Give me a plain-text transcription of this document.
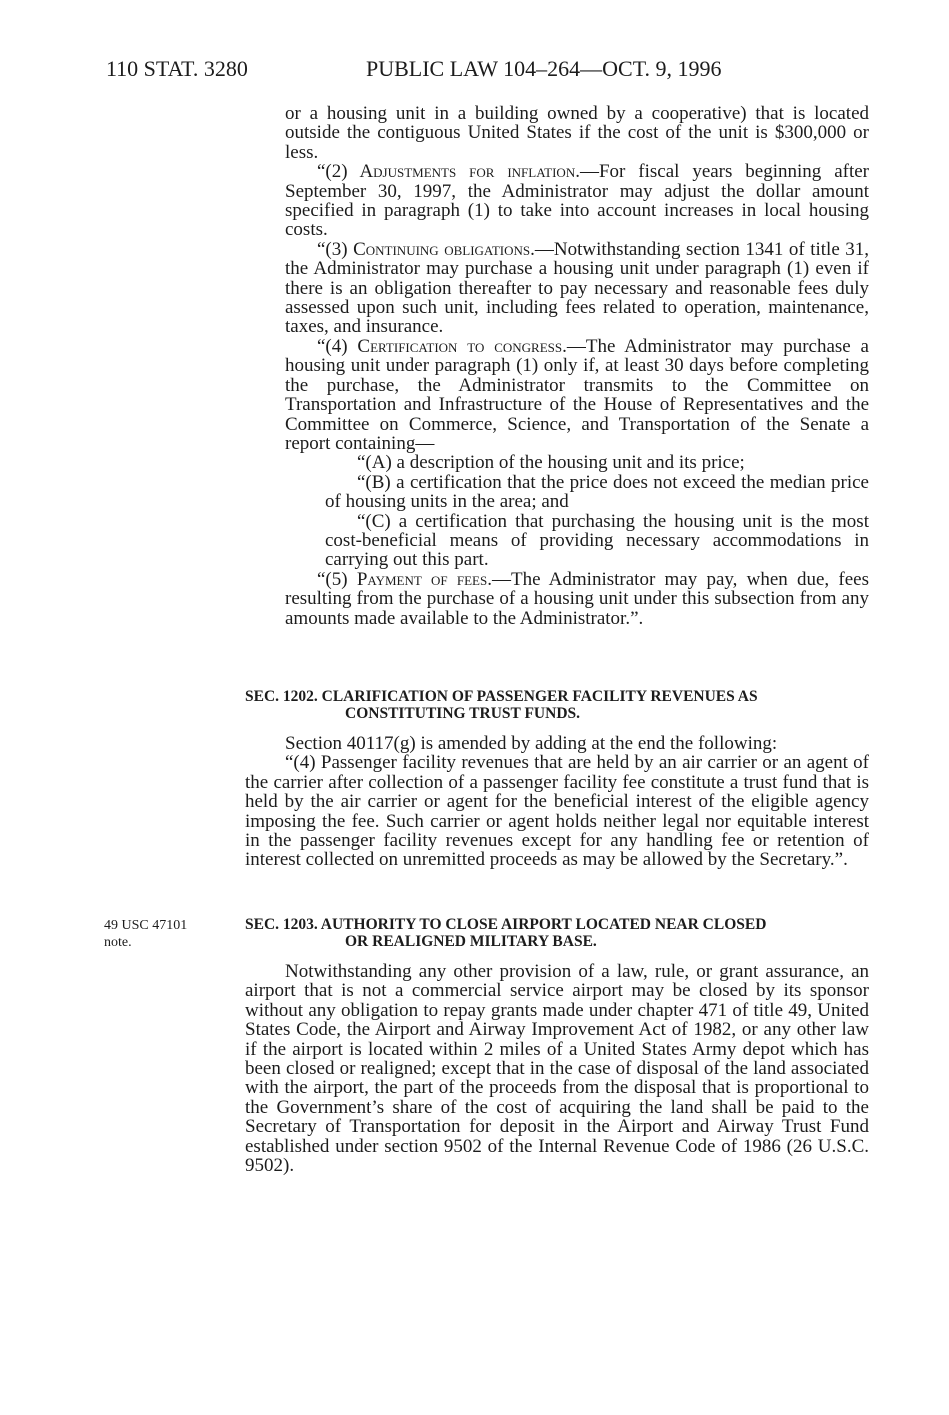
110 STAT. 3280	PUBLIC LAW 104–264—OCT. 9, 1996

or a housing unit in a building owned by a cooperative) that is located outside the contiguous United States if the cost of the unit is $300,000 or less.

“(2) Adjustments for inflation.—For fiscal years beginning after September 30, 1997, the Administrator may adjust the dollar amount specified in paragraph (1) to take into account increases in local housing costs.

“(3) Continuing obligations.—Notwithstanding section 1341 of title 31, the Administrator may purchase a housing unit under paragraph (1) even if there is an obligation thereafter to pay necessary and reasonable fees duly assessed upon such unit, including fees related to operation, maintenance, taxes, and insurance.

“(4) Certification to congress.—The Administrator may purchase a housing unit under paragraph (1) only if, at least 30 days before completing the purchase, the Administrator transmits to the Committee on Transportation and Infrastructure of the House of Representatives and the Committee on Commerce, Science, and Transportation of the Senate a report containing—

“(A) a description of the housing unit and its price;

“(B) a certification that the price does not exceed the median price of housing units in the area; and

“(C) a certification that purchasing the housing unit is the most cost-beneficial means of providing necessary accommodations in carrying out this part.

“(5) Payment of fees.—The Administrator may pay, when due, fees resulting from the purchase of a housing unit under this subsection from any amounts made available to the Administrator.”.

SEC. 1202. CLARIFICATION OF PASSENGER FACILITY REVENUES AS
CONSTITUTING TRUST FUNDS.

Section 40117(g) is amended by adding at the end the following:

“(4) Passenger facility revenues that are held by an air carrier or an agent of the carrier after collection of a passenger facility fee constitute a trust fund that is held by the air carrier or agent for the beneficial interest of the eligible agency imposing the fee. Such carrier or agent holds neither legal nor equitable interest in the passenger facility revenues except for any handling fee or retention of interest collected on unremitted proceeds as may be allowed by the Secretary.”.

49 USC 47101
note.
SEC. 1203. AUTHORITY TO CLOSE AIRPORT LOCATED NEAR CLOSED
OR REALIGNED MILITARY BASE.

Notwithstanding any other provision of a law, rule, or grant assurance, an airport that is not a commercial service airport may be closed by its sponsor without any obligation to repay grants made under chapter 471 of title 49, United States Code, the Airport and Airway Improvement Act of 1982, or any other law if the airport is located within 2 miles of a United States Army depot which has been closed or realigned; except that in the case of disposal of the land associated with the airport, the part of the proceeds from the disposal that is proportional to the Government’s share of the cost of acquiring the land shall be paid to the Secretary of Transportation for deposit in the Airport and Airway Trust Fund established under section 9502 of the Internal Revenue Code of 1986 (26 U.S.C. 9502).
